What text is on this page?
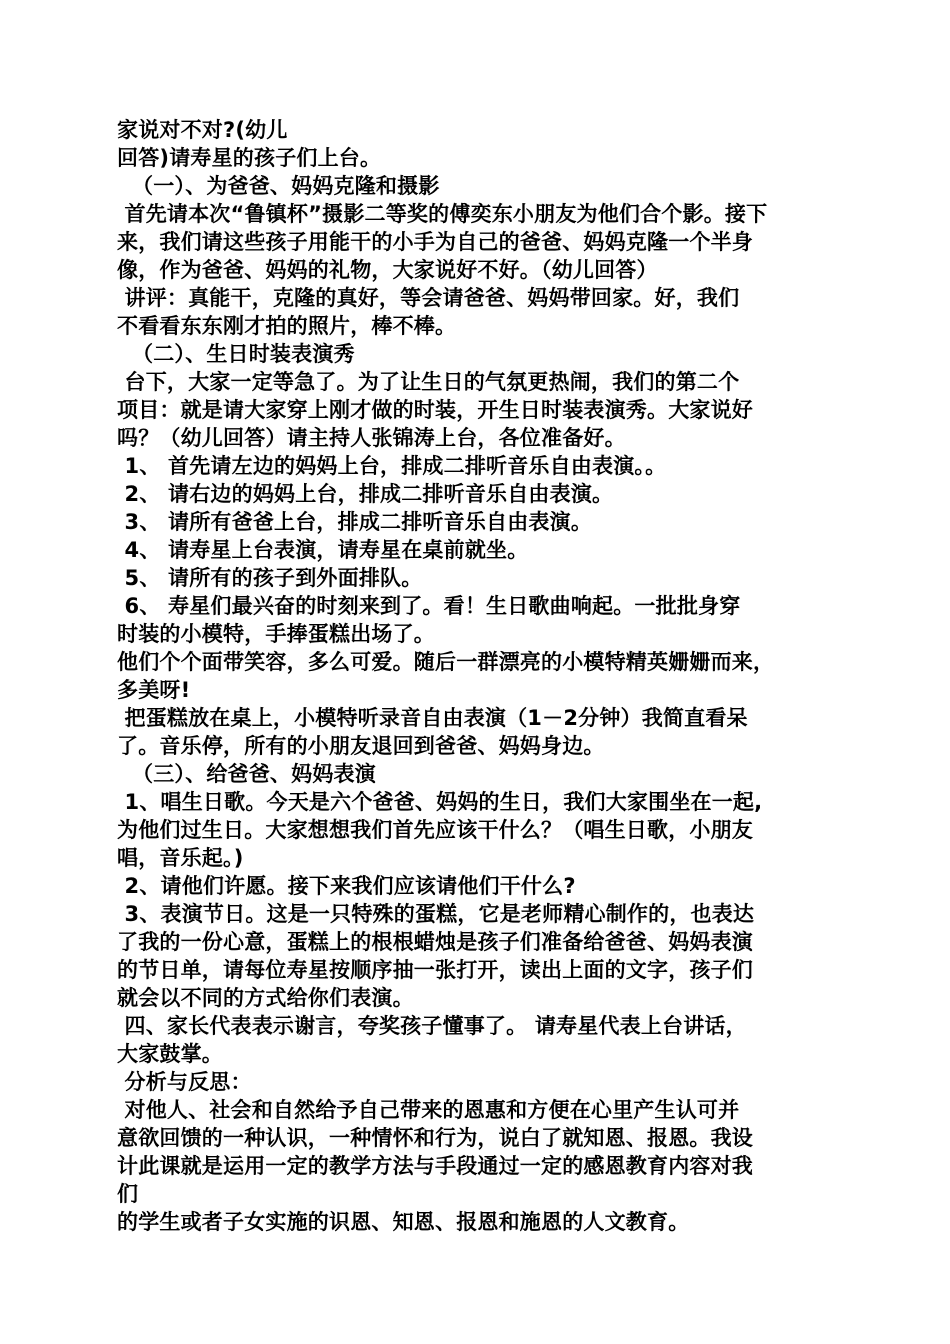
家说对不对?(幼儿
回答)请寿星的孩子们上台。
（一）、为爸爸、妈妈克隆和摄影
首先请本次“鲁镇杯”摄影二等奖的傅奕东小朋友为他们合个影。接下
来，我们请这些孩子用能干的小手为自己的爸爸、妈妈克隆一个半身
像，作为爸爸、妈妈的礼物，大家说好不好。（幼儿回答）
讲评：真能干，克隆的真好，等会请爸爸、妈妈带回家。好，我们
不看看东东刚才拍的照片，棒不棒。
（二）、生日时装表演秀
台下，大家一定等急了。为了让生日的气氛更热闹，我们的第二个
项目：就是请大家穿上刚才做的时装，开生日时装表演秀。大家说好
吗？（幼儿回答）请主持人张锦涛上台，各位准备好。
1、 首先请左边的妈妈上台，排成二排听音乐自由表演。。
2、 请右边的妈妈上台，排成二排听音乐自由表演。
3、 请所有爸爸上台，排成二排听音乐自由表演。
4、 请寿星上台表演，请寿星在桌前就坐。
5、 请所有的孩子到外面排队。
6、 寿星们最兴奋的时刻来到了。看！生日歌曲响起。一批批身穿
时装的小模特，手捧蛋糕出场了。
他们个个面带笑容，多么可爱。随后一群漂亮的小模特精英姗姗而来，
多美呀!
把蛋糕放在桌上，小模特听录音自由表演（1－2分钟）我简直看呆
了。音乐停，所有的小朋友退回到爸爸、妈妈身边。
（三）、给爸爸、妈妈表演
1、唱生日歌。今天是六个爸爸、妈妈的生日，我们大家围坐在一起,
为他们过生日。大家想想我们首先应该干什么？（唱生日歌，小朋友
唱，音乐起。)
2、请他们许愿。接下来我们应该请他们干什么?
3、表演节日。这是一只特殊的蛋糕，它是老师精心制作的，也表达
了我的一份心意，蛋糕上的根根蜡烛是孩子们准备给爸爸、妈妈表演
的节日单，请每位寿星按顺序抽一张打开，读出上面的文字，孩子们
就会以不同的方式给你们表演。
四、家长代表表示谢言，夸奖孩子懂事了。 请寿星代表上台讲话，
大家鼓掌。
分析与反思：
对他人、社会和自然给予自己带来的恩惠和方便在心里产生认可并
意欲回馈的一种认识，一种情怀和行为，说白了就知恩、报恩。我设
计此课就是运用一定的教学方法与手段通过一定的感恩教育内容对我
们
的学生或者子女实施的识恩、知恩、报恩和施恩的人文教育。
